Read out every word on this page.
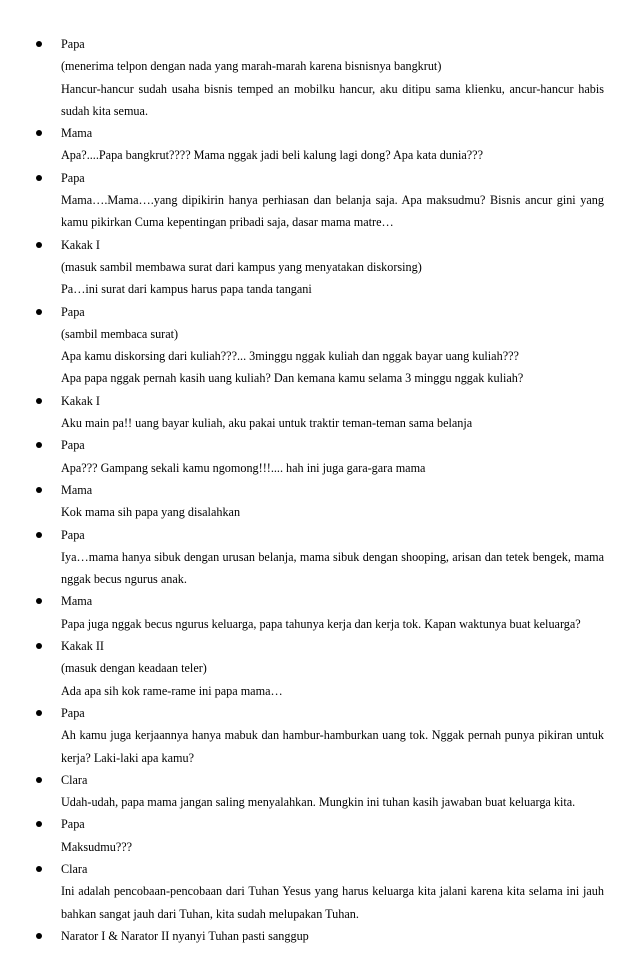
Papa
(menerima telpon dengan nada yang marah-marah karena bisnisnya bangkrut)
Hancur-hancur sudah usaha bisnis temped an mobilku hancur, aku ditipu sama klienku, ancur-hancur habis sudah kita semua.
Mama
Apa?....Papa bangkrut???? Mama nggak jadi beli kalung lagi dong? Apa kata dunia???
Papa
Mama….Mama….yang dipikirin hanya perhiasan dan belanja saja. Apa maksudmu? Bisnis ancur gini yang kamu pikirkan Cuma kepentingan pribadi saja, dasar mama matre…
Kakak I
(masuk sambil membawa surat dari kampus yang menyatakan diskorsing)
Pa…ini surat dari kampus harus papa tanda tangani
Papa
(sambil membaca surat)
Apa kamu diskorsing dari kuliah???... 3minggu nggak kuliah dan nggak bayar uang kuliah???
Apa papa nggak pernah kasih uang kuliah? Dan kemana kamu selama 3 minggu nggak kuliah?
Kakak I
Aku main pa!! uang bayar kuliah, aku pakai untuk traktir teman-teman sama belanja
Papa
Apa??? Gampang sekali kamu ngomong!!!.... hah ini juga gara-gara mama
Mama
Kok mama sih papa yang disalahkan
Papa
Iya…mama hanya sibuk dengan urusan belanja, mama sibuk dengan shooping, arisan dan tetek bengek, mama nggak becus ngurus anak.
Mama
Papa juga nggak becus ngurus keluarga, papa tahunya kerja dan kerja tok. Kapan waktunya buat keluarga?
Kakak II
(masuk dengan keadaan teler)
Ada apa sih kok rame-rame ini papa mama…
Papa
Ah kamu juga kerjaannya hanya mabuk dan hambur-hamburkan uang tok. Nggak pernah punya pikiran untuk kerja? Laki-laki apa kamu?
Clara
Udah-udah, papa mama jangan saling menyalahkan. Mungkin ini tuhan kasih jawaban buat keluarga kita.
Papa
Maksudmu???
Clara
Ini adalah pencobaan-pencobaan dari Tuhan Yesus yang harus keluarga kita jalani karena kita selama ini jauh bahkan sangat jauh dari Tuhan, kita sudah melupakan Tuhan.
Narator I & Narator II nyanyi Tuhan pasti sanggup
